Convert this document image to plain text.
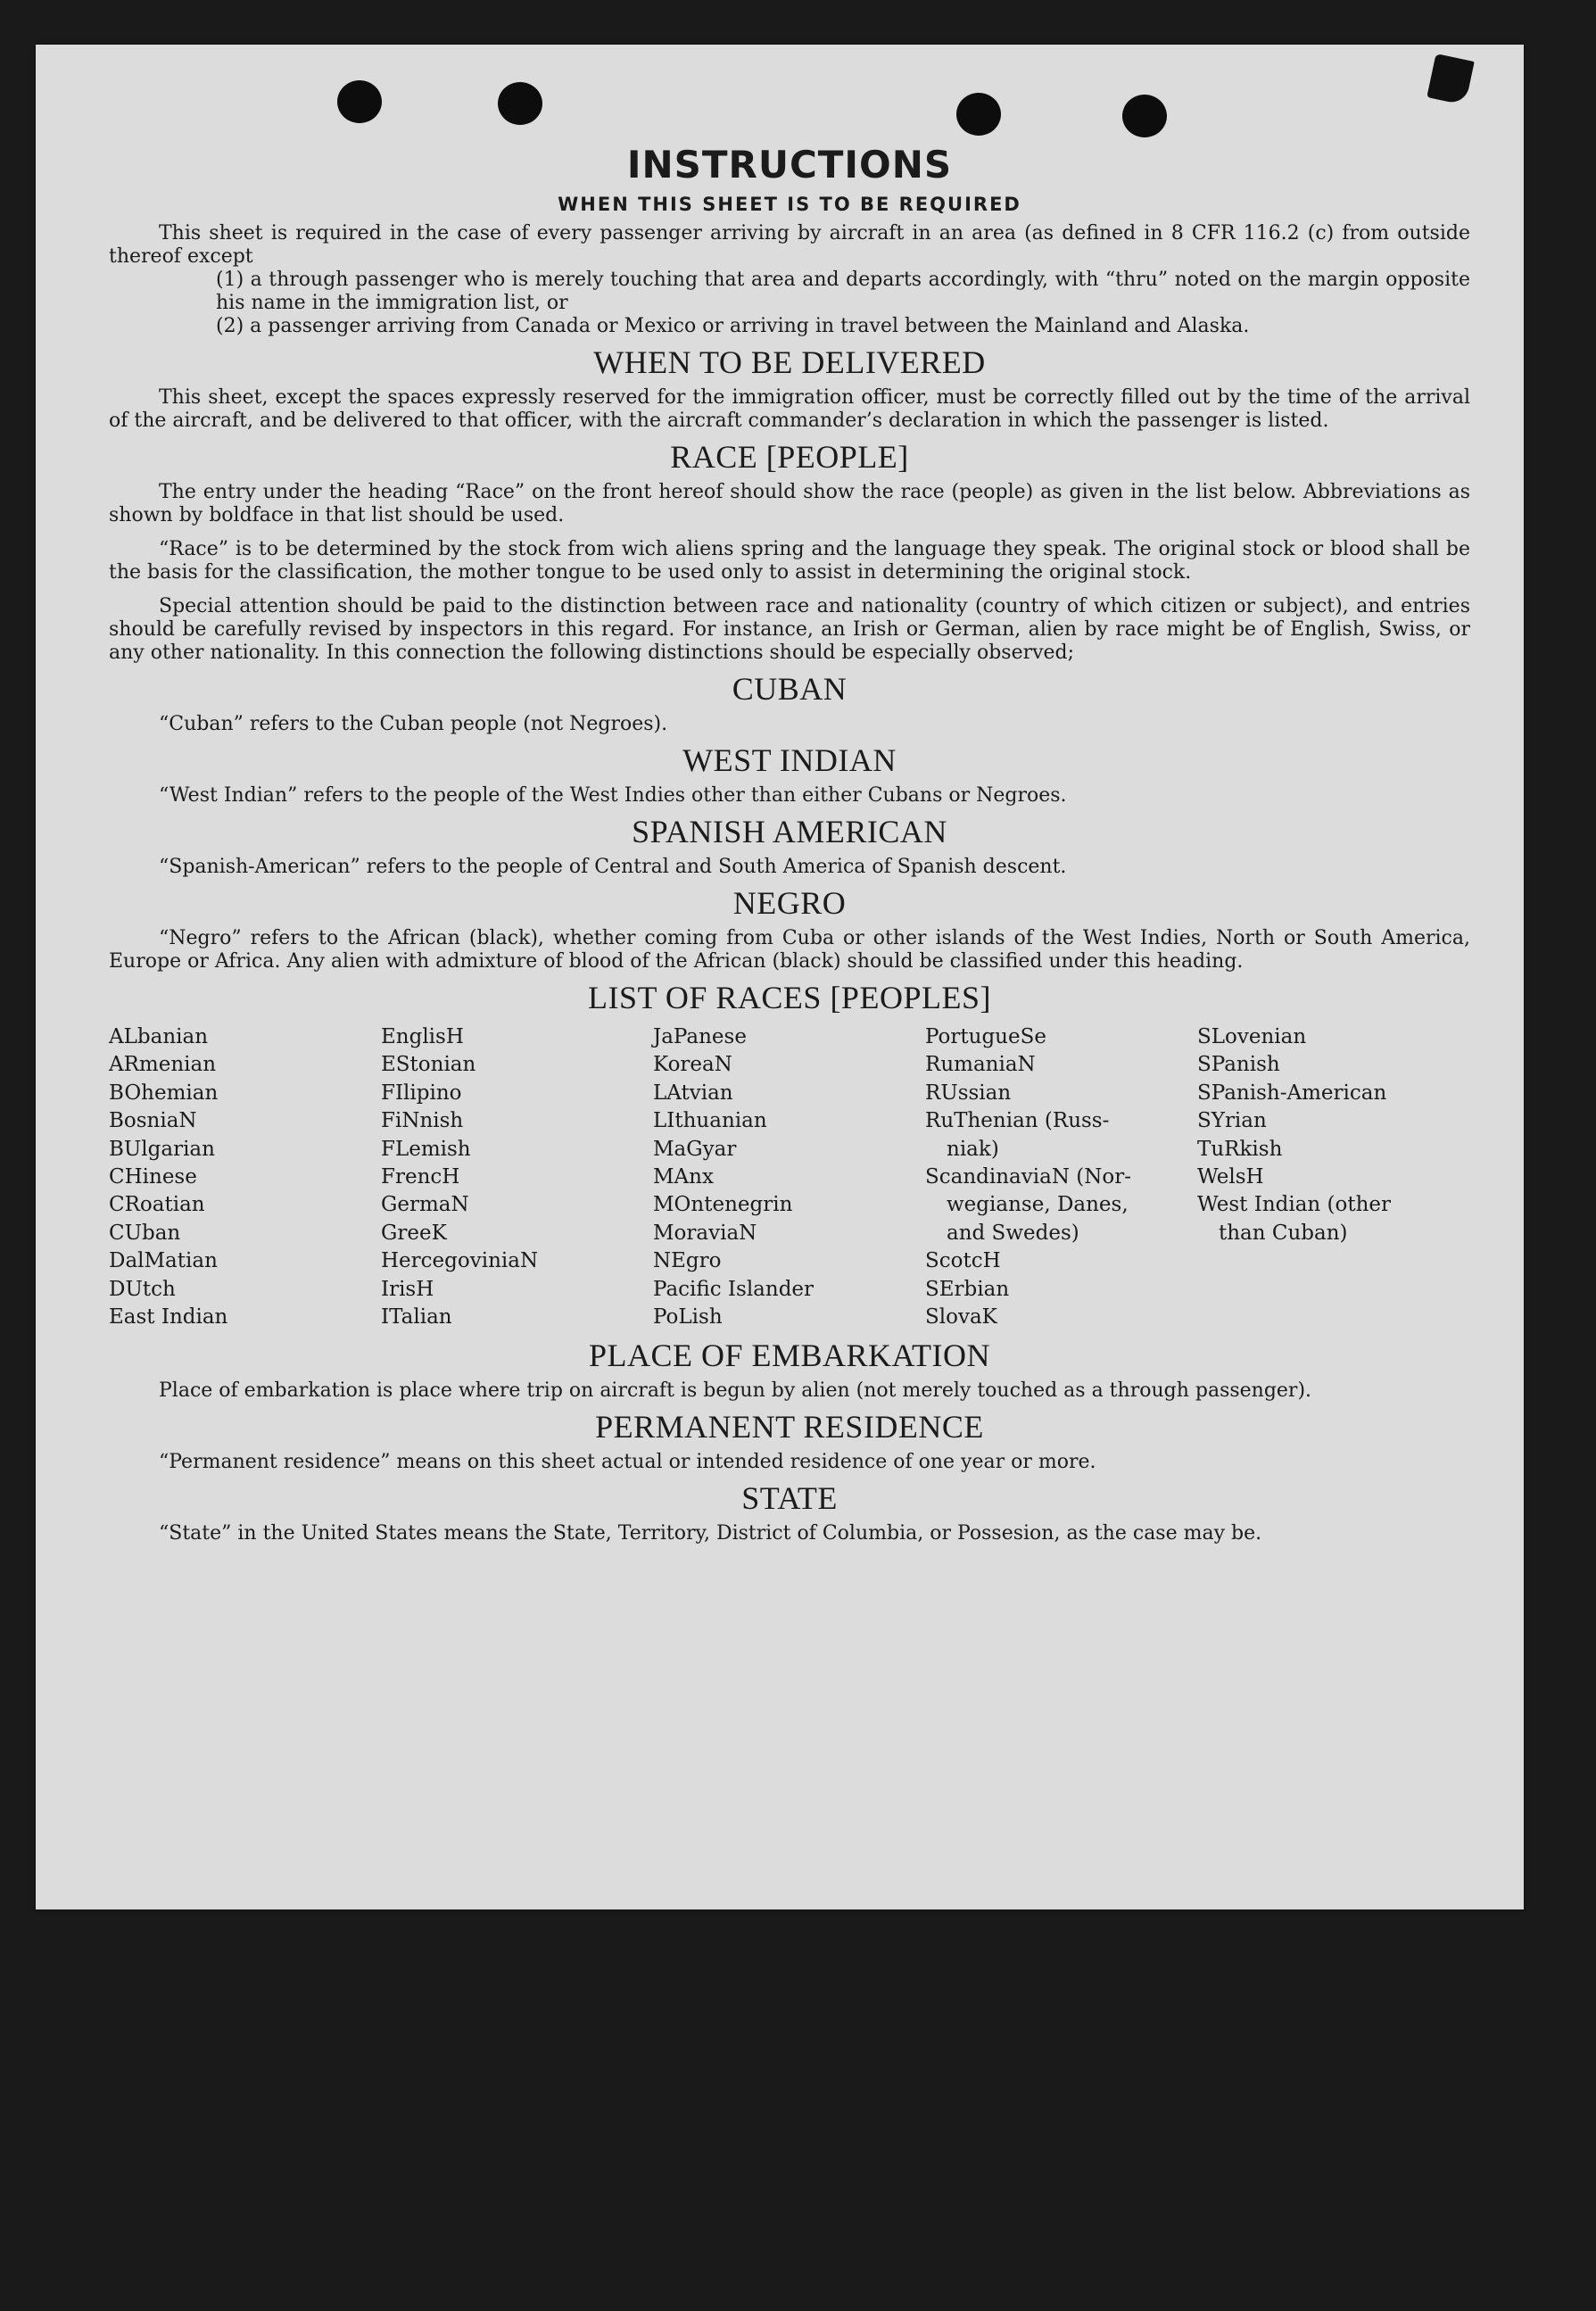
INSTRUCTIONS
WHEN THIS SHEET IS TO BE REQUIRED

This sheet is required in the case of every passenger arriving by aircraft in an area (as defined in 8 CFR 116.2 (c) from outside thereof except

(1) a through passenger who is merely touching that area and departs accordingly, with “thru” noted on the margin opposite his name in the immigration list, or
(2) a passenger arriving from Canada or Mexico or arriving in travel between the Mainland and Alaska.
WHEN TO BE DELIVERED

This sheet, except the spaces expressly reserved for the immigration officer, must be correctly filled out by the time of the arrival of the aircraft, and be delivered to that officer, with the aircraft commander’s declaration in which the passenger is listed.

RACE [PEOPLE]

The entry under the heading “Race” on the front hereof should show the race (people) as given in the list below. Abbreviations as shown by boldface in that list should be used.

“Race” is to be determined by the stock from wich aliens spring and the language they speak. The original stock or blood shall be the basis for the classification, the mother tongue to be used only to assist in determining the original stock.

Special attention should be paid to the distinction between race and nationality (country of which citizen or subject), and entries should be carefully revised by inspectors in this regard. For instance, an Irish or German, alien by race might be of English, Swiss, or any other nationality. In this connection the following distinctions should be especially observed;

CUBAN

“Cuban” refers to the Cuban people (not Negroes).

WEST INDIAN

“West Indian” refers to the people of the West Indies other than either Cubans or Negroes.

SPANISH AMERICAN

“Spanish-American” refers to the people of Central and South America of Spanish descent.

NEGRO

“Negro” refers to the African (black), whether coming from Cuba or other islands of the West Indies, North or South America, Europe or Africa. Any alien with admixture of blood of the African (black) should be classified under this heading.

LIST OF RACES [PEOPLES]
ALbanian
ARmenian
BOhemian
BosniaN
BUlgarian
CHinese
CRoatian
CUban
DalMatian
DUtch
East Indian
EnglisH
EStonian
FIlipino
FiNnish
FLemish
FrencH
GermaN
GreeK
HercegoviniaN
IrisH
ITalian
JaPanese
KoreaN
LAtvian
LIthuanian
MaGyar
MAnx
MOntenegrin
MoraviaN
NEgro
Pacific Islander
PoLish
PortugueSe
RumaniaN
RUssian
RuThenian (Russ-
niak)
ScandinaviaN (Nor-
wegianse, Danes,
and Swedes)
ScotcH
SErbian
SlovaK
SLovenian
SPanish
SPanish-American
SYrian
TuRkish
WelsH
West Indian (other
than Cuban)
PLACE OF EMBARKATION

Place of embarkation is place where trip on aircraft is begun by alien (not merely touched as a through passenger).

PERMANENT RESIDENCE

“Permanent residence” means on this sheet actual or intended residence of one year or more.

STATE

“State” in the United States means the State, Territory, District of Columbia, or Possesion, as the case may be.
